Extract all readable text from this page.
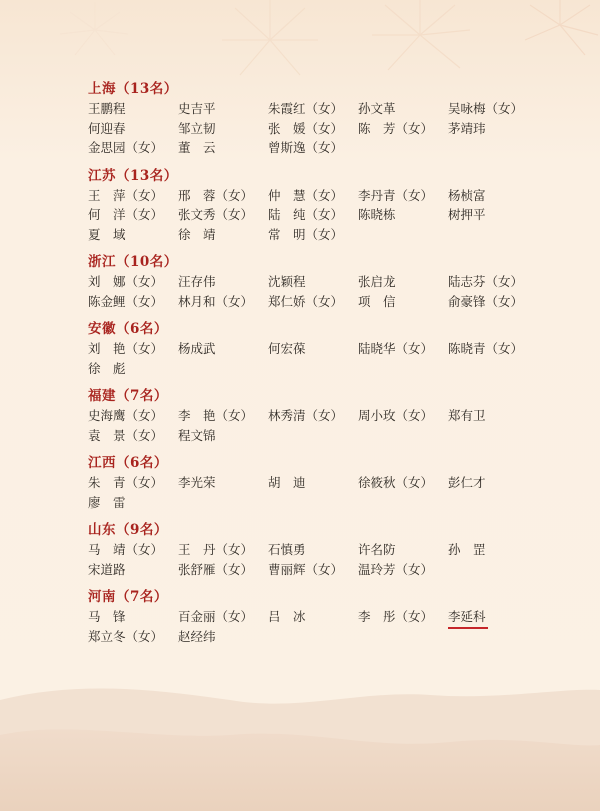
上海（13名）
王鹏程	史吉平	朱霞红（女）	孙文革	吴咏梅（女）
何迎春	邹立韧	张　媛（女）	陈　芳（女）	茅靖玮
金思园（女）	董　云	曾斯逸（女）
江苏（13名）
王　萍（女）	邢　蓉（女）	仲　慧（女）	李丹青（女）	杨桢富
何　洋（女）	张文秀（女）	陆　纯（女）	陈晓栋	树押平
夏　域	徐　靖	常　明（女）
浙江（10名）
刘　娜（女）	汪存伟	沈颖程	张启龙	陆志芬（女）
陈金鲤（女）	林月和（女）	郑仁娇（女）	项　信	俞豪锋（女）
安徽（6名）
刘　艳（女）	杨成武	何宏葆	陆晓华（女）	陈晓青（女）
徐　彪
福建（7名）
史海鹰（女）	李　艳（女）	林秀清（女）	周小玫（女）	郑有卫
袁　景（女）	程文锦
江西（6名）
朱　青（女）	李光荣	胡　迪	徐筱秋（女）	彭仁才
廖　雷
山东（9名）
马　靖（女）	王　丹（女）	石慎勇	许名防	孙　罡
宋道路	张舒雁（女）	曹丽辉（女）	温玲芳（女）
河南（7名）
马　锋	百金丽（女）	吕　冰	李　彤（女）	李延科
郑立冬（女）	赵经纬
